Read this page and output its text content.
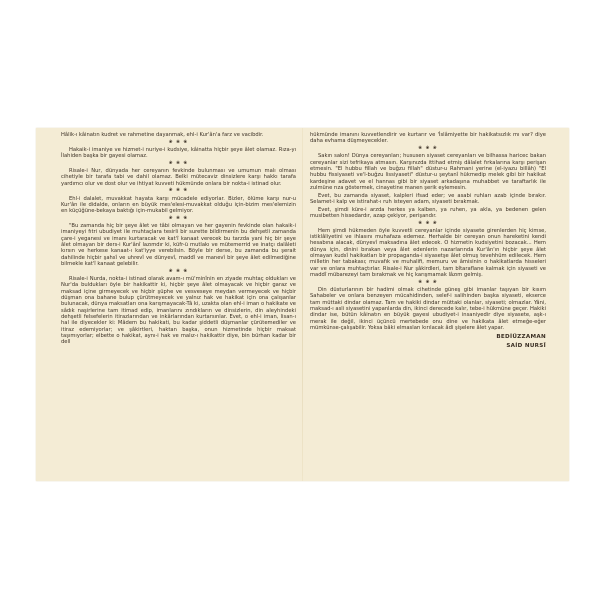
Hâlik-ı kâinatın kudret ve rahmetine dayanmak, ehl-i Kur'ân'a farz ve vacibdir.

❀ ❀ ❀

Hakaik-i imaniye ve hizmet-i nuriye-i kudsiye, kâinatta hiçbir şeye âlet olamaz. Rıza-yı İlahiden başka bir gayesi olamaz.

❀ ❀ ❀

Risale-i Nur, dünyada her cereyanın fevkinde bulunması ve umumun malı olması cihetiyle bir tarafa tabi ve dahil olamaz. Belki mütecaviz dinsizlere karşı hakkı tarafa yardımcı olur ve dost olur ve ihtiyat kuvveti hükmünde onlara bir nokta-i istinad olur.

❀ ❀ ❀

Ehl-i dalalet, muvakkat hayata karşı mücadele ediyorlar. Bizler, ölüme karşı nur-u Kur'ân ile didalde, onların en büyük mes'elesi-muvakkat olduğu için-bizim mes'elemizin en küçüğüne-bekaya baktığı için-mukabil gelmiyor.

❀ ❀ ❀

"Bu zamanda hiç bir şeye âlet ve tâbi olmayan ve her gayenin fevkinde olan hakaik-i imaniyeyi fıtri ubudiyet ile muhtaçlara tesirli bir surette bildirmenin bu dehşetli zamanda çare-i yeganesi ve imanı kurtaracak ve kat'î kanaat verecek bu tarzda yani hiç bir şeye âlet olmayan bir ders-i Kur'ânî lazımdır ki, küfr-ü mutlakı ve mütemerrid ve inatçı dalâleti kırsın ve herkese kanaat-ı kat'iyye verebilsin. Böyle bir derse, bu zamanda bu şerait dahilinde hiçbir şahsî ve uhrevî ve dünyevî, maddî ve manevî bir şeye âlet edilmediğine bilmekle kat'î kanaat gelebilir.

❀ ❀ ❀

Risale-i Nurda, nokta-i istinad olarak avam-ı mü'minînin en ziyade muhtaç oldukları ve Nur'da buldukları öyle bir hakikattir ki, hiçbir şeye âlet olmayacak ve hiçbir garaz ve maksad içine girmeyecek ve hiçbir şüphe ve vesveseye meydan vermeyecek ve hiçbir düşman ona bahane bulup çürütmeyecek ve yalnız hak ve hakikat için ona çalışanlar bulunacak, dünya maksatları ona karışmayacak-Tâ ki, uzakta olan ehl-i iman o hakikate ve sâdık naşirlerine tam itimad edip, imanlarını zındıkların ve dinsizlerin, din aleyhindeki dehşetli felsefelerin itirazlarından ve inkârlarından kurtarsınlar. Evet, o ehl-i iman, lisan-ı hal ile diyecekler ki: Mâdem bu hakikati, bu kadar şiddetli düşmanlar çürütemediler ve itiraz edemiyorlar; ve şâkirtleri, haktan başka, onun hizmetinde hiçbir maksat taşımıyorlar; elbette o hakikat, aynı-i hak ve malız-ı hakikattir diye, bin bürhan kadar bir dell

hükmünde imanını kuvvetlendirir ve kurtarır ve 'İslâmiyette bir hakikatsızlık mı var? diye daha evhama düşmeyecekler.

❀ ❀ ❀

Sakın sakın! Dünya cereyanları; hususen siyaset cereyanları ve bilhassa haricec bakan cereyanlar sizi tefrikaya atmasın. Karşınızda ittihad etmiş dâlalet fırkalarına karşı perişan etmesin. "El hubbu fillah ve buğzu fillah" düstur-u Rahmani yerine (el-iyazu billâh) "El hubbu fissiyaseti ve'l-buğzu lissiyaseti" düstur-u şeytanî hükmedip melek gibi bir hakikat kardeşine adavet ve el hannas gibi bir siyaset arkadaşına muhabbet ve taraftarlık ile zulmüne rıza göstermek, cinayetine manen şerik eylemesin.

Evet, bu zamanda siyaset, kalpleri ifsad eder; ve asabi ruhları azab içinde bırakır. Selamet-i kalp ve istirahat-ı ruh isteyen adam, siyaseti bırakmak.

Evet, şimdi küre-i arzda herkes ya kalben, ya ruhen, ya akla, ya bedenen gelen musibetten hissedardır, azap çekiyor, perişandır.

❀ ❀ ❀

Hem şimdi hükmeden öyle kuvvetli cereyanlar içinde siyasete girenlerden hiç kimse, istiklâliyetini ve ihlasını muhafaza edemez. Herhalde bir cereyan onun hareketini kendi hesabına alacak, dünyevî maksadına âlet edecek. O hizmetin kudsiyetini bozacak... Hem dünya için, dinini bırakan veya âlet edenlerin nazarlarında Kur'ân'ın hiçbir şeye âlet olmayan kudsî hakikatları bir propaganda-i siyasetşe âlet olmuş tevehhüm edilecek. Hem milletin her tabakası; muvafık ve muhalifi, memuru ve âmisinin o hakikatlarda hisseleri var ve onlara muhtaçtırlar. Risale-i Nur şâkirdleri, tam bîtaraflane kalmak için siyaseti ve maddî mübarezeyi tam bırakmak ve hiç karışmamak lâzım gelmiş.

❀ ❀ ❀

Din düsturlarının bir hadimi olmak cihetinde güneş gibi imanlar taşıyan bir kısım Sahabeler ve onlara benzeyen mücahidinden, selef-i salihinden başka siyaseti, ekserce tam müttaki dindar olamaz. Tam ve hakiki dindar müttaki olanlar, siyaseti; olmazlar. Yâni, maksad-ı asli siyasetini yapanlarda din, ikinci derecede kalır, tebe-i hükmüne geçer. Hakiki dindar ise, bütün kâinatın en büyük gayesi ubudiyet-i insaniyedir diye siyasete, aşk-ı merak ile değil, ikinci üçüncü mertebede onu dine ve hakikata âlet etmeğe-eğer mümkünse-çalışabilir. Yoksa bâki elmasları kırılacak âdi şişelere âlet yapar.

BEDİÜZZAMAN
SAİD NURSÎ
